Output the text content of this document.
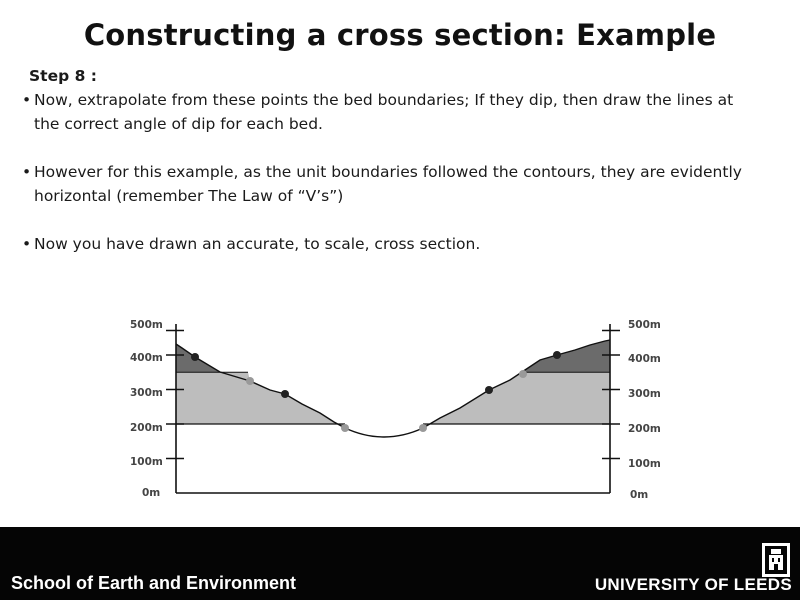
Constructing a cross section: Example
Step 8 :
• Now, extrapolate from these points the bed boundaries; If they dip, then draw the lines at the correct angle of dip for each bed.
• However for this example, as the unit boundaries followed the contours, they are evidently horizontal (remember The Law of “V’s”)
• Now you have drawn an accurate, to scale, cross section.
500m
400m
300m
200m
100m
0m
500m
400m
300m
200m
100m
0m
School of Earth and Environment	UNIVERSITY OF LEEDS
